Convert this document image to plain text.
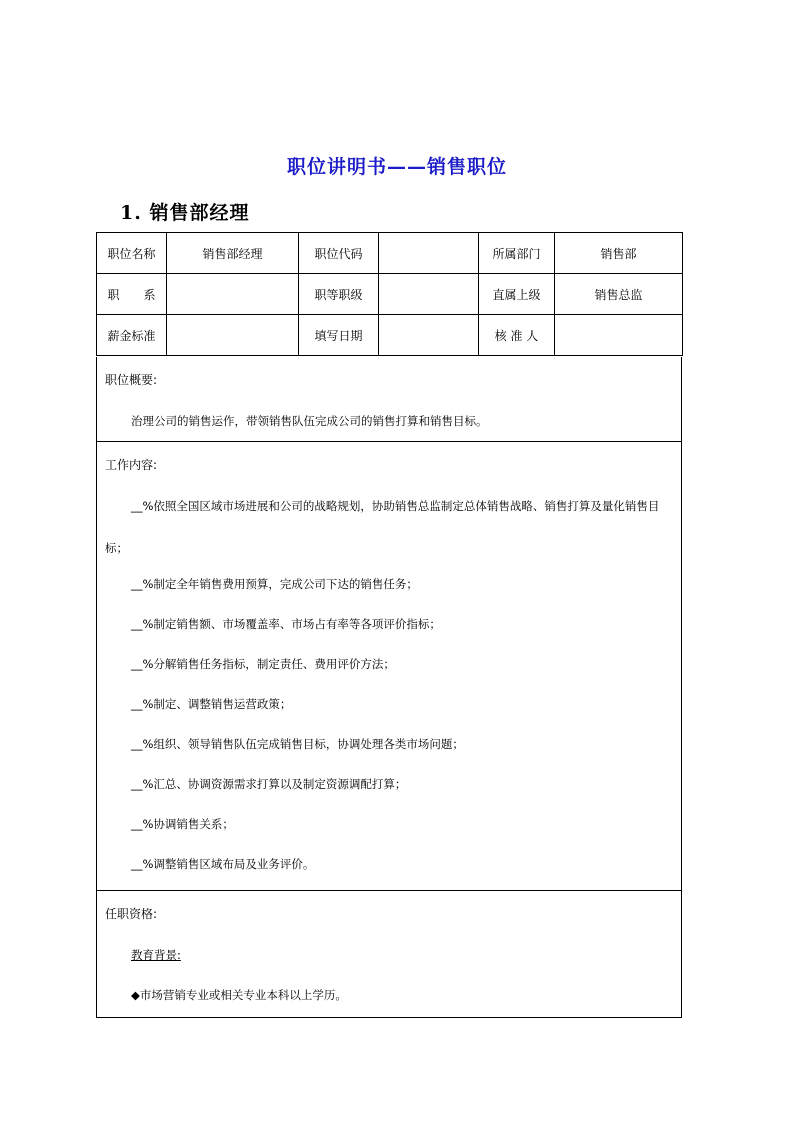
职位讲明书——销售职位
1. 销售部经理
职位名称	销售部经理	职位代码		所属部门	销售部
职　　系		职等职级		直属上级	销售总监
薪金标准		填写日期		核 准 人	
职位概要:
治理公司的销售运作，带领销售队伍完成公司的销售打算和销售目标。
工作内容:
__%依照全国区域市场进展和公司的战略规划，协助销售总监制定总体销售战略、销售打算及量化销售目标；
__%制定全年销售费用预算，完成公司下达的销售任务；
__%制定销售额、市场覆盖率、市场占有率等各项评价指标；
__%分解销售任务指标，制定责任、费用评价方法；
__%制定、调整销售运营政策；
__%组织、领导销售队伍完成销售目标，协调处理各类市场问题；
__%汇总、协调资源需求打算以及制定资源调配打算；
__%协调销售关系；
__%调整销售区域布局及业务评价。
任职资格:
教育背景:
◆市场营销专业或相关专业本科以上学历。
